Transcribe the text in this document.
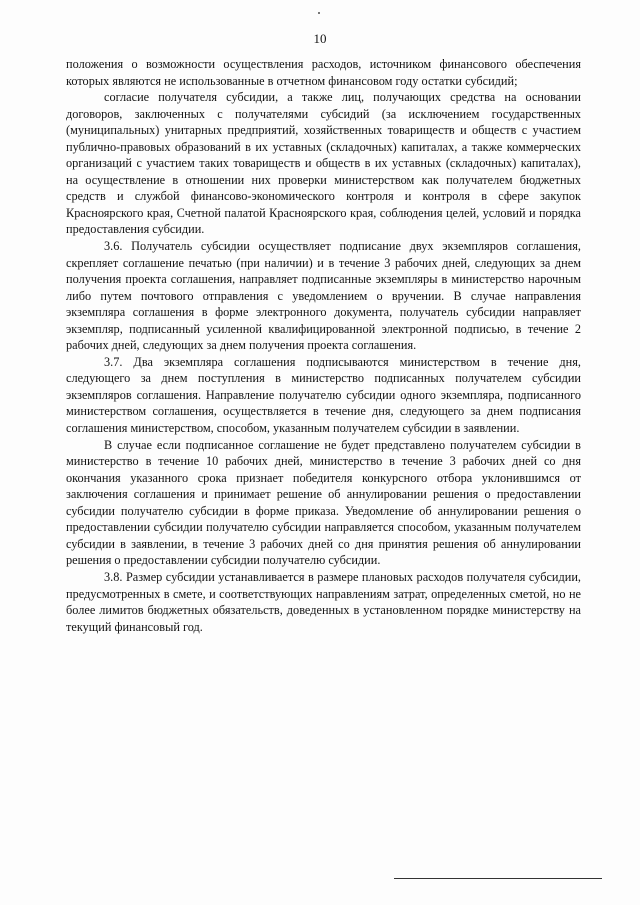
10

положения о возможности осуществления расходов, источником финансового обеспечения которых являются не использованные в отчетном финансовом году остатки субсидий;

согласие получателя субсидии, а также лиц, получающих средства на основании договоров, заключенных с получателями субсидий (за исключением государственных (муниципальных) унитарных предприятий, хозяйственных товариществ и обществ с участием публично-правовых образований в их уставных (складочных) капиталах, а также коммерческих организаций с участием таких товариществ и обществ в их уставных (складочных) капиталах), на осуществление в отношении них проверки министерством как получателем бюджетных средств и службой финансово-экономического контроля и контроля в сфере закупок Красноярского края, Счетной палатой Красноярского края, соблюдения целей, условий и порядка предоставления субсидии.

3.6. Получатель субсидии осуществляет подписание двух экземпляров соглашения, скрепляет соглашение печатью (при наличии) и в течение 3 рабочих дней, следующих за днем получения проекта соглашения, направляет подписанные экземпляры в министерство нарочным либо путем почтового отправления с уведомлением о вручении. В случае направления экземпляра соглашения в форме электронного документа, получатель субсидии направляет экземпляр, подписанный усиленной квалифицированной электронной подписью, в течение 2 рабочих дней, следующих за днем получения проекта соглашения.

3.7. Два экземпляра соглашения подписываются министерством в течение дня, следующего за днем поступления в министерство подписанных получателем субсидии экземпляров соглашения. Направление получателю субсидии одного экземпляра, подписанного министерством соглашения, осуществляется в течение дня, следующего за днем подписания соглашения министерством, способом, указанным получателем субсидии в заявлении.

В случае если подписанное соглашение не будет представлено получателем субсидии в министерство в течение 10 рабочих дней, министерство в течение 3 рабочих дней со дня окончания указанного срока признает победителя конкурсного отбора уклонившимся от заключения соглашения и принимает решение об аннулировании решения о предоставлении субсидии получателю субсидии в форме приказа. Уведомление об аннулировании решения о предоставлении субсидии получателю субсидии направляется способом, указанным получателем субсидии в заявлении, в течение 3 рабочих дней со дня принятия решения об аннулировании решения о предоставлении субсидии получателю субсидии.

3.8. Размер субсидии устанавливается в размере плановых расходов получателя субсидии, предусмотренных в смете, и соответствующих направлениям затрат, определенных сметой, но не более лимитов бюджетных обязательств, доведенных в установленном порядке министерству на текущий финансовый год.
